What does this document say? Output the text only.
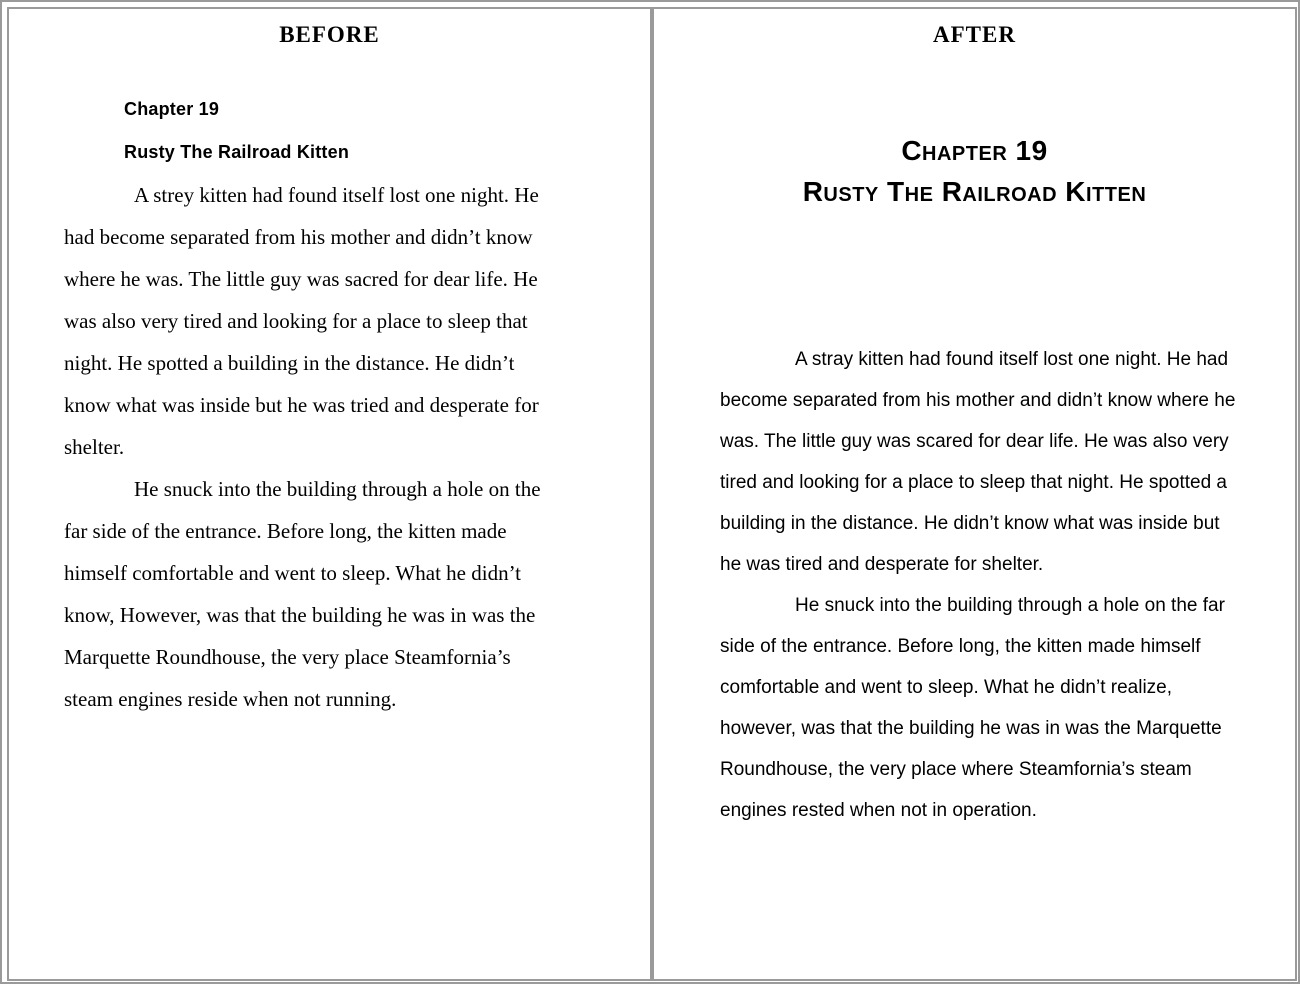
BEFORE
Chapter 19
Rusty The Railroad Kitten

A strey kitten had found itself lost one night. He had become separated from his mother and didn’t know where he was. The little guy was sacred for dear life. He was also very tired and looking for a place to sleep that night. He spotted a building in the distance. He didn’t know what was inside but he was tried and desperate for shelter.

He snuck into the building through a hole on the far side of the entrance. Before long, the kitten made himself comfortable and went to sleep. What he didn’t know, However, was that the building he was in was the Marquette Roundhouse, the very place Steamfornia’s steam engines reside when not running.

AFTER
Chapter 19
Rusty The Railroad Kitten

A stray kitten had found itself lost one night. He had become separated from his mother and didn’t know where he was. The little guy was scared for dear life. He was also very tired and looking for a place to sleep that night. He spotted a building in the distance. He didn’t know what was inside but he was tired and desperate for shelter.

He snuck into the building through a hole on the far side of the entrance. Before long, the kitten made himself comfortable and went to sleep. What he didn’t realize, however, was that the building he was in was the Marquette Roundhouse, the very place where Steamfornia’s steam engines rested when not in operation.
